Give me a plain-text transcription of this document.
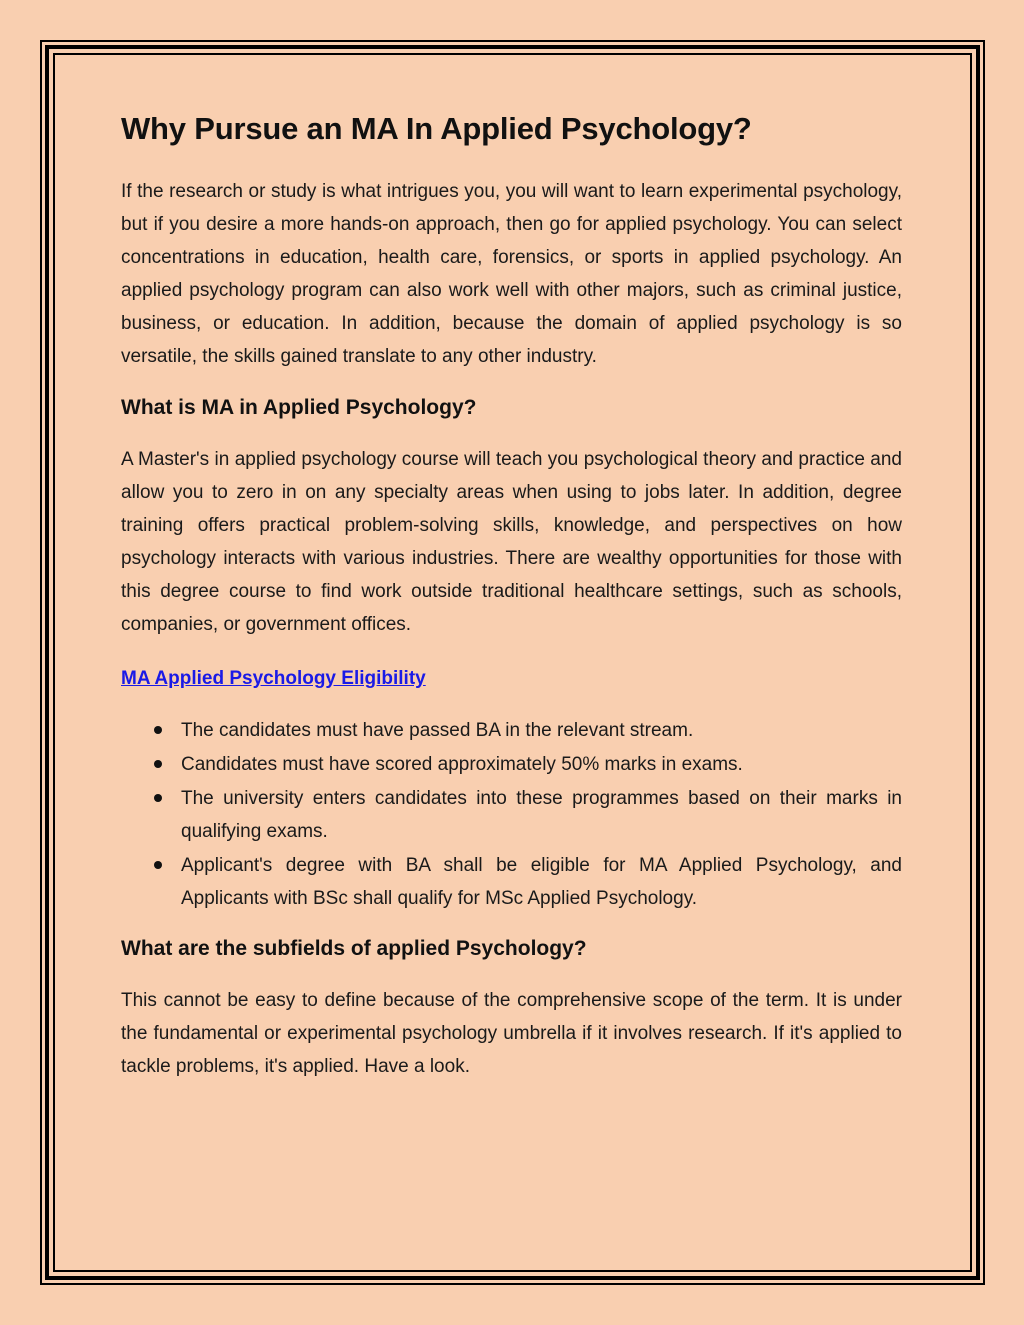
Why Pursue an MA In Applied Psychology?

If the research or study is what intrigues you, you will want to learn experimental psychology, but if you desire a more hands-on approach, then go for applied psychology. You can select concentrations in education, health care, forensics, or sports in applied psychology. An applied psychology program can also work well with other majors, such as criminal justice, business, or education. In addition, because the domain of applied psychology is so versatile, the skills gained translate to any other industry.

What is MA in Applied Psychology?

A Master's in applied psychology course will teach you psychological theory and practice and allow you to zero in on any specialty areas when using to jobs later. In addition, degree training offers practical problem-solving skills, knowledge, and perspectives on how psychology interacts with various industries. There are wealthy opportunities for those with this degree course to find work outside traditional healthcare settings, such as schools, companies, or government offices.

MA Applied Psychology Eligibility
The candidates must have passed BA in the relevant stream.
Candidates must have scored approximately 50% marks in exams.
The university enters candidates into these programmes based on their marks in qualifying exams.
Applicant's degree with BA shall be eligible for MA Applied Psychology, and Applicants with BSc shall qualify for MSc Applied Psychology.
What are the subfields of applied Psychology?

This cannot be easy to define because of the comprehensive scope of the term. It is under the fundamental or experimental psychology umbrella if it involves research. If it's applied to tackle problems, it's applied. Have a look.
